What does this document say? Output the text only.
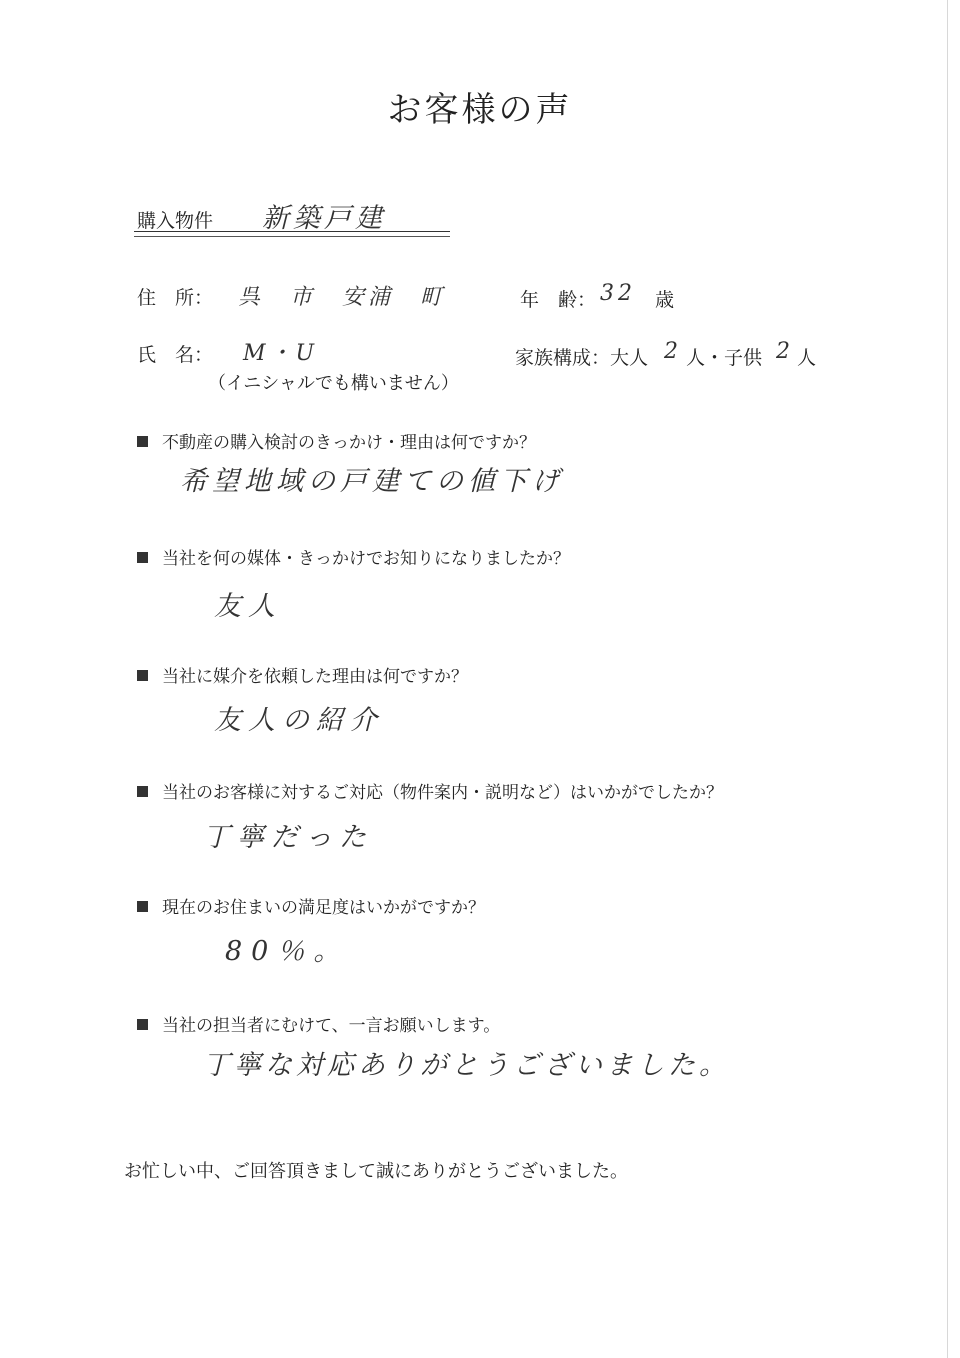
お客様の声
購入物件 新築戸建
住　所： 呉　市　安浦　町	年　齢： 32 歳
氏　名： M・U
（イニシャルでも構いません）
家族構成：大人 2 人・子供 2 人
不動産の購入検討のきっかけ・理由は何ですか？
希望地域の戸建ての値下げ
当社を何の媒体・きっかけでお知りになりましたか？
友人
当社に媒介を依頼した理由は何ですか？
友人の紹介
当社のお客様に対するご対応（物件案内・説明など）はいかがでしたか？
丁寧だった
現在のお住まいの満足度はいかがですか？
80％。
当社の担当者にむけて、一言お願いします。
丁寧な対応ありがとうございました。
お忙しい中、ご回答頂きまして誠にありがとうございました。
